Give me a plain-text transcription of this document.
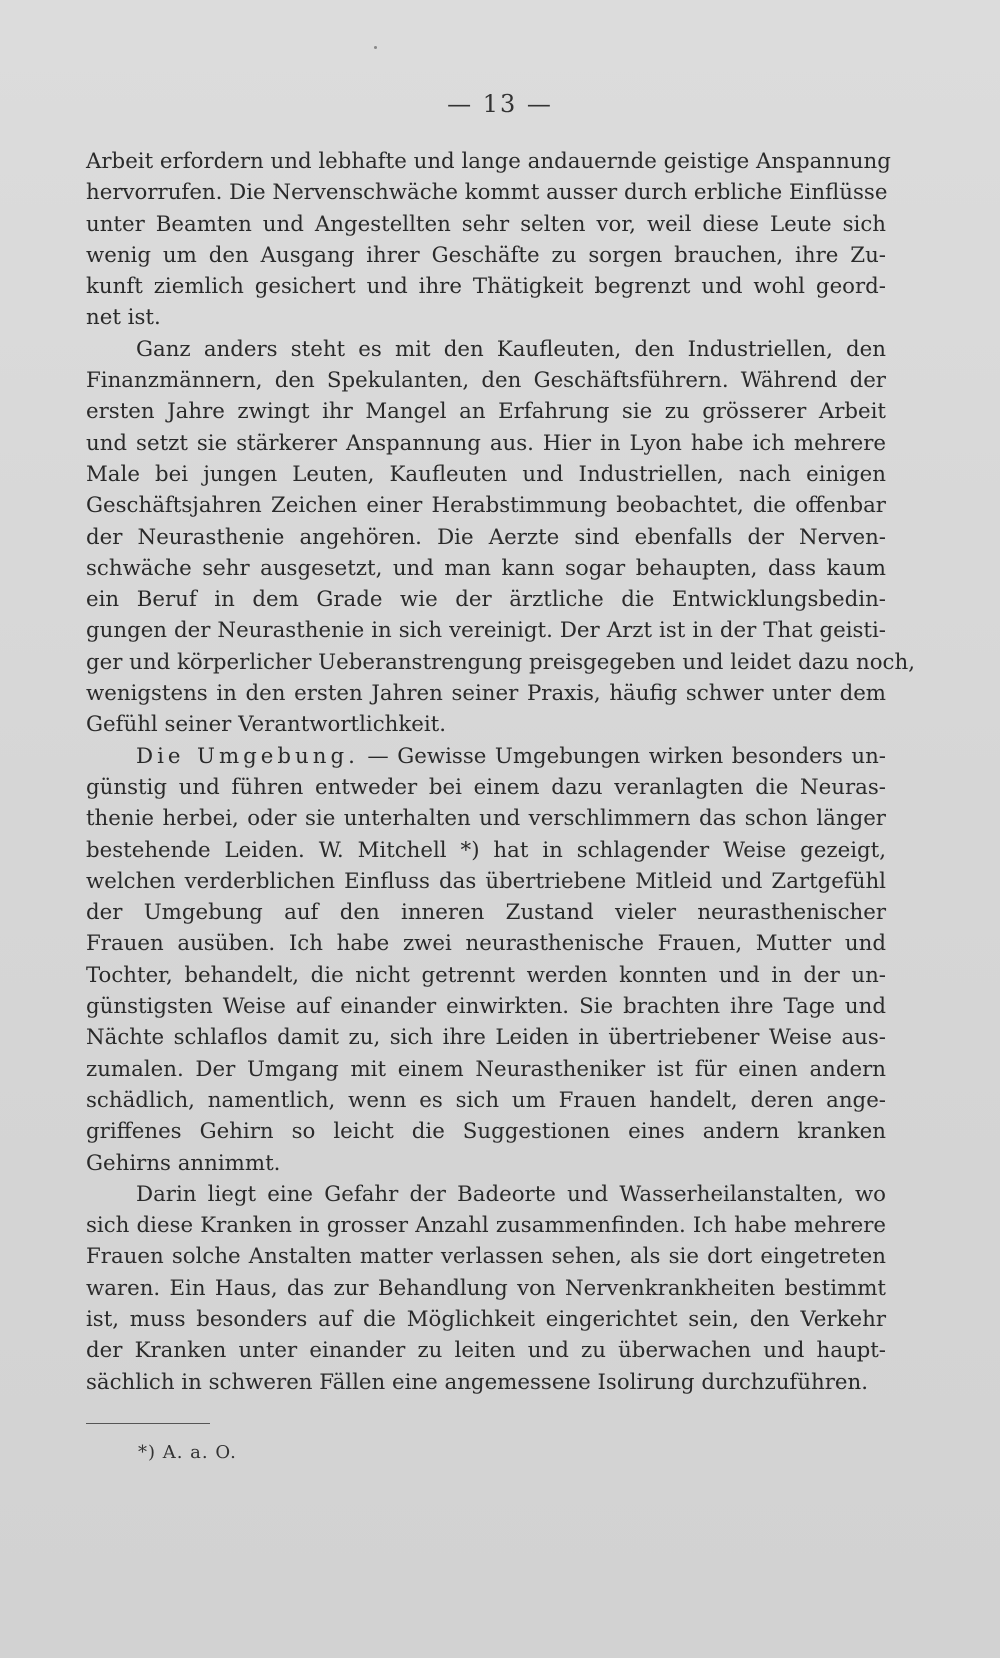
— 13 —

Arbeit erfordern und lebhafte und lange andauernde geistige Anspannung
hervorrufen. Die Nervenschwäche kommt ausser durch erbliche Einflüsse
unter Beamten und Angestellten sehr selten vor, weil diese Leute sich
wenig um den Ausgang ihrer Geschäfte zu sorgen brauchen, ihre Zu-
kunft ziemlich gesichert und ihre Thätigkeit begrenzt und wohl geord-
net ist.

Ganz anders steht es mit den Kaufleuten, den Industriellen, den
Finanzmännern, den Spekulanten, den Geschäftsführern. Während der
ersten Jahre zwingt ihr Mangel an Erfahrung sie zu grösserer Arbeit
und setzt sie stärkerer Anspannung aus. Hier in Lyon habe ich mehrere
Male bei jungen Leuten, Kaufleuten und Industriellen, nach einigen
Geschäftsjahren Zeichen einer Herabstimmung beobachtet, die offenbar
der Neurasthenie angehören. Die Aerzte sind ebenfalls der Nerven-
schwäche sehr ausgesetzt, und man kann sogar behaupten, dass kaum
ein Beruf in dem Grade wie der ärztliche die Entwicklungsbedin-
gungen der Neurasthenie in sich vereinigt. Der Arzt ist in der That geisti-
ger und körperlicher Ueberanstrengung preisgegeben und leidet dazu noch,
wenigstens in den ersten Jahren seiner Praxis, häufig schwer unter dem
Gefühl seiner Verantwortlichkeit.

Die Umgebung. — Gewisse Umgebungen wirken besonders un-
günstig und führen entweder bei einem dazu veranlagten die Neuras-
thenie herbei, oder sie unterhalten und verschlimmern das schon länger
bestehende Leiden. W. Mitchell *) hat in schlagender Weise gezeigt,
welchen verderblichen Einfluss das übertriebene Mitleid und Zartgefühl
der Umgebung auf den inneren Zustand vieler neurasthenischer
Frauen ausüben. Ich habe zwei neurasthenische Frauen, Mutter und
Tochter, behandelt, die nicht getrennt werden konnten und in der un-
günstigsten Weise auf einander einwirkten. Sie brachten ihre Tage und
Nächte schlaflos damit zu, sich ihre Leiden in übertriebener Weise aus-
zumalen. Der Umgang mit einem Neurastheniker ist für einen andern
schädlich, namentlich, wenn es sich um Frauen handelt, deren ange-
griffenes Gehirn so leicht die Suggestionen eines andern kranken
Gehirns annimmt.

Darin liegt eine Gefahr der Badeorte und Wasserheilanstalten, wo
sich diese Kranken in grosser Anzahl zusammenfinden. Ich habe mehrere
Frauen solche Anstalten matter verlassen sehen, als sie dort eingetreten
waren. Ein Haus, das zur Behandlung von Nervenkrankheiten bestimmt
ist, muss besonders auf die Möglichkeit eingerichtet sein, den Verkehr
der Kranken unter einander zu leiten und zu überwachen und haupt-
sächlich in schweren Fällen eine angemessene Isolirung durchzuführen.

*) A. a. O.
